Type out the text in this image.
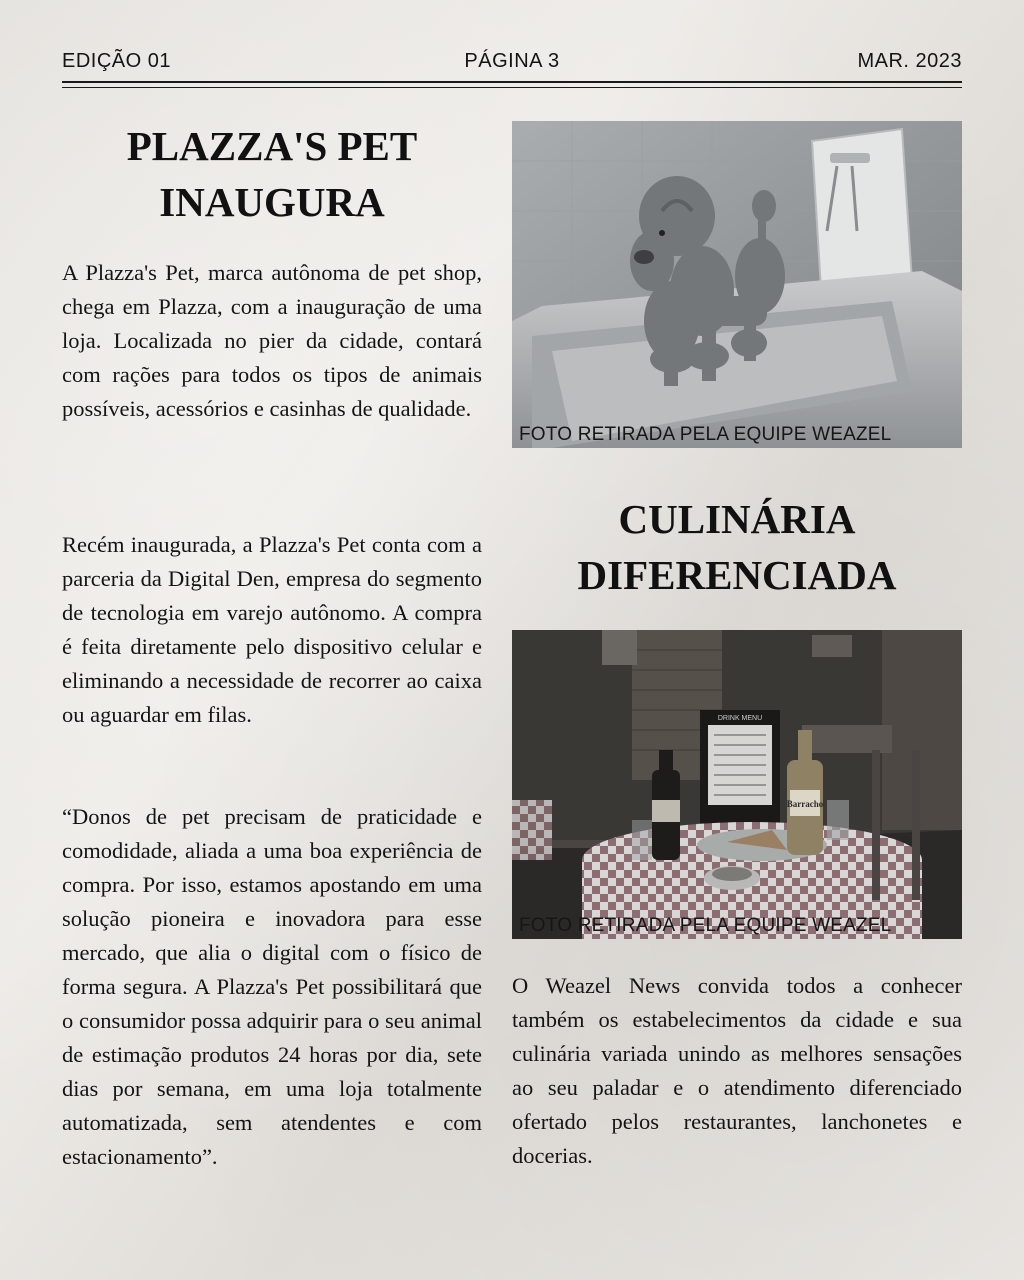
EDIÇÃO 01	PÁGINA 3	MAR. 2023
PLAZZA'S PET
INAUGURA

A Plazza's Pet, marca autônoma de pet shop, chega em Plazza, com a inauguração de uma loja. Localizada no pier da cidade, contará com rações para todos os tipos de animais possíveis, acessórios e casinhas de qualidade.

Recém inaugurada, a Plazza's Pet conta com a parceria da Digital Den, empresa do segmento de tecnologia em varejo autônomo. A compra é feita diretamente pelo dispositivo celular e eliminando a necessidade de recorrer ao caixa ou aguardar em filas.

“Donos de pet precisam de praticidade e comodidade, aliada a uma boa experiência de compra. Por isso, estamos apostando em uma solução pioneira e inovadora para esse mercado, que alia o digital com o físico de forma segura. A Plazza's Pet possibilitará que o consumidor possa adquirir para o seu animal de estimação produtos 24 horas por dia, sete dias por semana, em uma loja totalmente automatizada, sem atendentes e com estacionamento”.

FOTO RETIRADA PELA EQUIPE WEAZEL
CULINÁRIA
DIFERENCIADA
DRINK MENU
Barracho
FOTO RETIRADA PELA EQUIPE WEAZEL

O Weazel News convida todos a conhecer também os estabelecimentos da cidade e sua culinária variada unindo as melhores sensações ao seu paladar e o atendimento diferenciado ofertado pelos restaurantes, lanchonetes e docerias.
